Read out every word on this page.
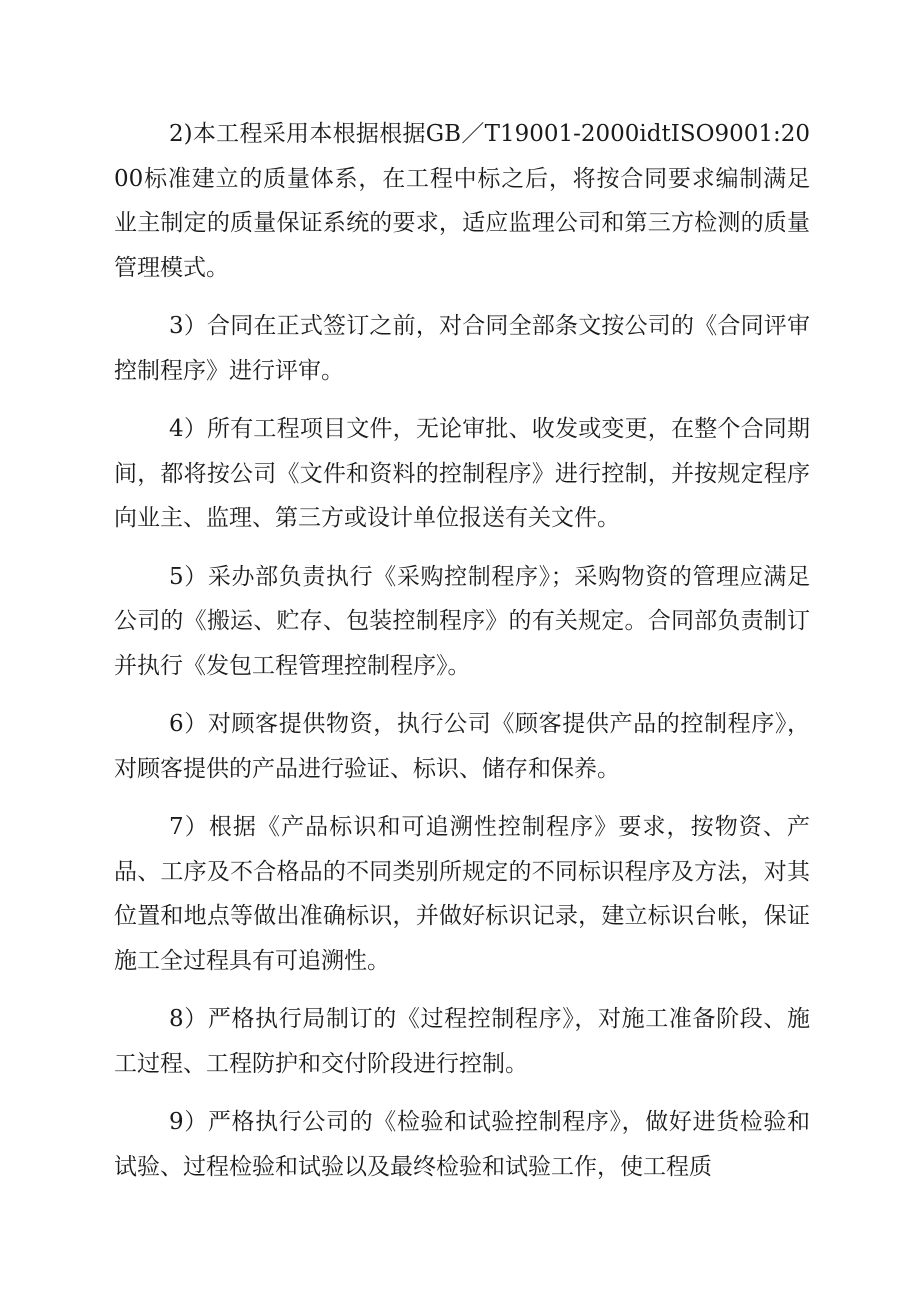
2)本工程采用本根据根据GB／T19001-2000idtISO9001:2000标准建立的质量体系，在工程中标之后，将按合同要求编制满足业主制定的质量保证系统的要求，适应监理公司和第三方检测的质量管理模式。

3）合同在正式签订之前，对合同全部条文按公司的《合同评审控制程序》进行评审。

4）所有工程项目文件，无论审批、收发或变更，在整个合同期间，都将按公司《文件和资料的控制程序》进行控制，并按规定程序向业主、监理、第三方或设计单位报送有关文件。

5）采办部负责执行《采购控制程序》；采购物资的管理应满足公司的《搬运、贮存、包装控制程序》的有关规定。合同部负责制订并执行《发包工程管理控制程序》。

6）对顾客提供物资，执行公司《顾客提供产品的控制程序》，对顾客提供的产品进行验证、标识、储存和保养。

7）根据《产品标识和可追溯性控制程序》要求，按物资、产品、工序及不合格品的不同类别所规定的不同标识程序及方法，对其位置和地点等做出准确标识，并做好标识记录，建立标识台帐，保证施工全过程具有可追溯性。

8）严格执行局制订的《过程控制程序》，对施工准备阶段、施工过程、工程防护和交付阶段进行控制。

9）严格执行公司的《检验和试验控制程序》，做好进货检验和试验、过程检验和试验以及最终检验和试验工作，使工程质
